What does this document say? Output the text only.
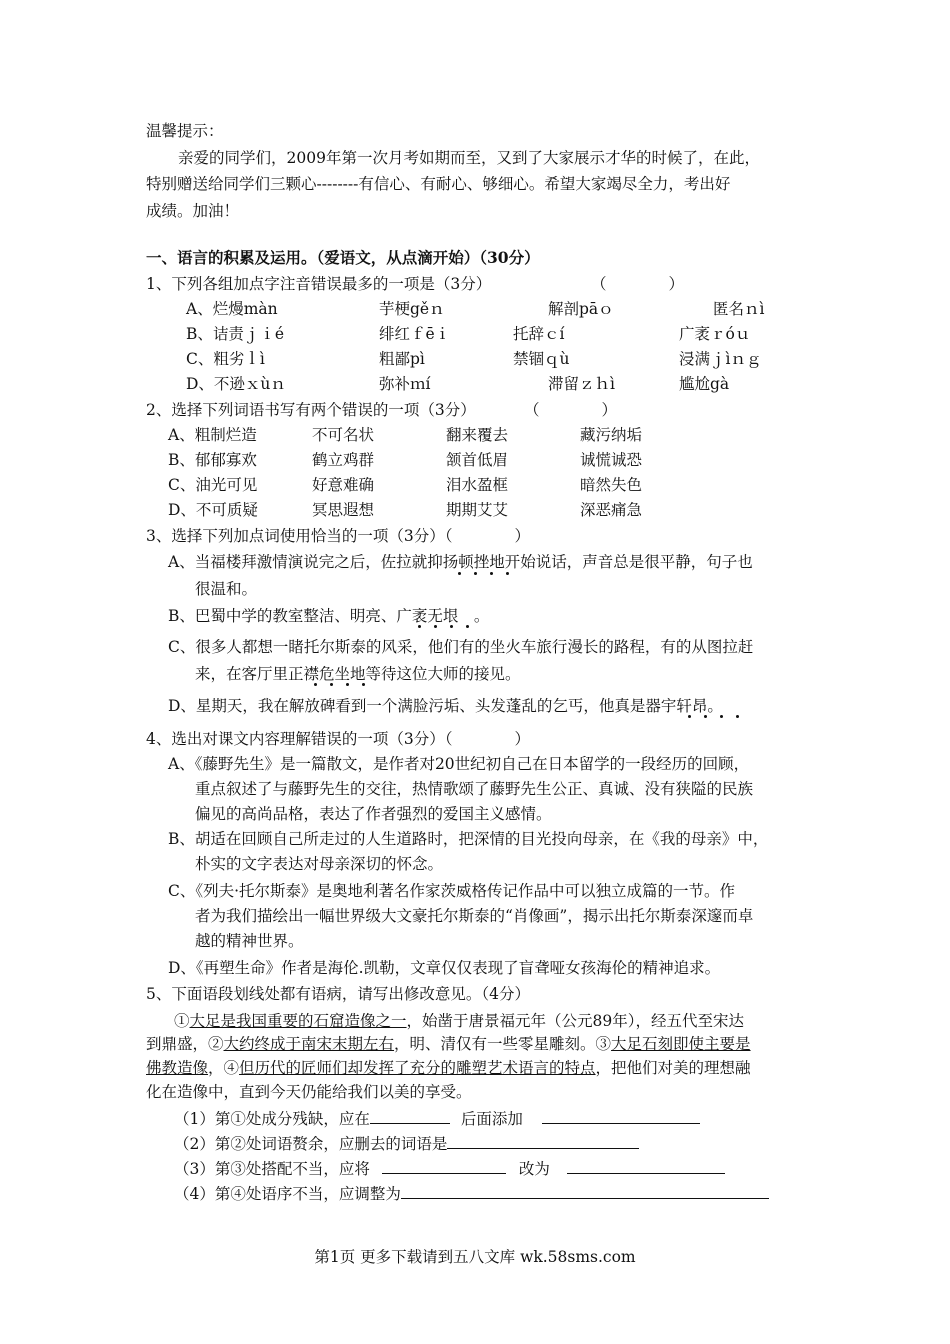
温馨提示：
亲爱的同学们，2009年第一次月考如期而至，又到了大家展示才华的时候了，在此，
特别赠送给同学们三颗心--------有信心、有耐心、够细心。希望大家竭尽全力，考出好
成绩。加油！
一、语言的积累及运用。（爱语文，从点滴开始）（30分）
1、下列各组加点字注音错误最多的一项是（3分）	（　　　　）
A、烂熳màn	芋梗gěｎ	解剖pāｏ	匿名ｎì
B、诘责ｊｉé	绯红ｆēｉ	托辞ｃí	广袤ｒóｕ
C、粗劣ｌì	粗鄙pì	禁锢ｑù	浸满ｊìｎｇ
D、不逊ｘùｎ	弥补ｍí	滞留ｚｈì	尴尬gà
2、选择下列词语书写有两个错误的一项（3分）	（　　　　）
A、粗制烂造	不可名状	翻来覆去	藏污纳垢
B、郁郁寡欢	鹤立鸡群	颔首低眉	诚慌诚恐
C、油光可见	好意难确	泪水盈框	暗然失色
D、不可质疑	冥思遐想	期期艾艾	深恶痛急
3、选择下列加点词使用恰当的一项（3分）（　　　　）
A、当福楼拜激情演说完之后，佐拉就抑扬顿挫地开始说话，声音总是很平静，句子也
很温和。
B、巴蜀中学的教室整洁、明亮、广袤无垠　。
C、很多人都想一睹托尔斯泰的风采，他们有的坐火车旅行漫长的路程，有的从图拉赶
来，在客厅里正襟危坐地等待这位大师的接见。
D、星期天，我在解放碑看到一个满脸污垢、头发蓬乱的乞丐，他真是器宇轩昂。
4、选出对课文内容理解错误的一项（3分）（　　　　）
A、《藤野先生》是一篇散文，是作者对20世纪初自己在日本留学的一段经历的回顾，
重点叙述了与藤野先生的交往，热情歌颂了藤野先生公正、真诚、没有狭隘的民族
偏见的高尚品格，表达了作者强烈的爱国主义感情。
B、胡适在回顾自己所走过的人生道路时，把深情的目光投向母亲，在《我的母亲》中，
朴实的文字表达对母亲深切的怀念。
C、《列夫·托尔斯泰》是奥地利著名作家茨威格传记作品中可以独立成篇的一节。作
者为我们描绘出一幅世界级大文豪托尔斯泰的“肖像画”，揭示出托尔斯泰深邃而卓
越的精神世界。
D、《再塑生命》作者是海伦.凯勒，文章仅仅表现了盲聋哑女孩海伦的精神追求。
5、下面语段划线处都有语病，请写出修改意见。（4分）
①大足是我国重要的石窟造像之一，始凿于唐景福元年（公元89年），经五代至宋达
到鼎盛，②大约终成于南宋末期左右，明、清仅有一些零星雕刻。③大足石刻即使主要是
佛教造像，④但历代的匠师们却发挥了充分的雕塑艺术语言的特点，把他们对美的理想融
化在造像中，直到今天仍能给我们以美的享受。
（1）第①处成分残缺，应在	后面添加
（2）第②处词语赘余，应删去的词语是
（3）第③处搭配不当，应将	改为
（4）第④处语序不当，应调整为
第1页 更多下载请到五八文库 wk.58sms.com
